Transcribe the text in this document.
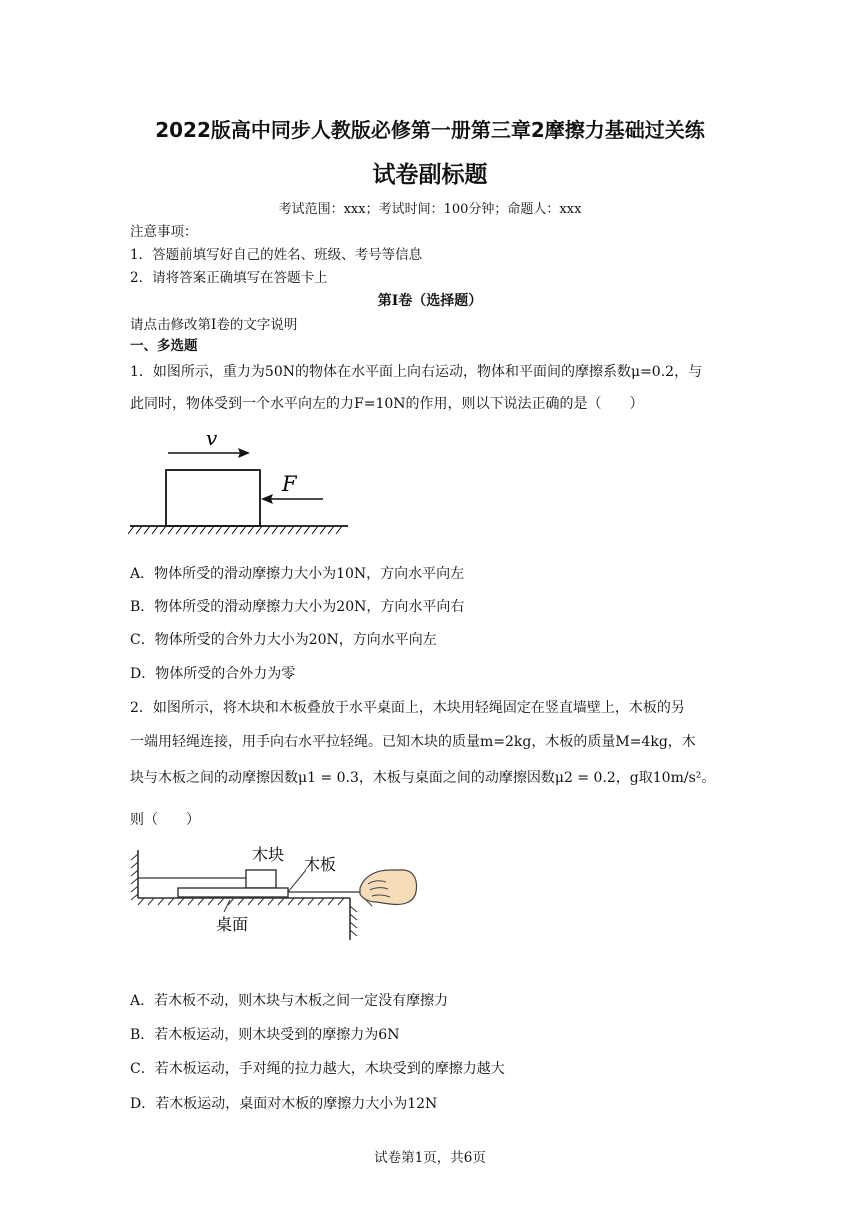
2022版高中同步人教版必修第一册第三章2摩擦力基础过关练
试卷副标题
考试范围：xxx；考试时间：100分钟；命题人：xxx
注意事项：
1．答题前填写好自己的姓名、班级、考号等信息
2．请将答案正确填写在答题卡上
第I卷（选择题）
请点击修改第I卷的文字说明
一、多选题
1．如图所示，重力为50N的物体在水平面上向右运动，物体和平面间的摩擦系数μ=0.2，与
此同时，物体受到一个水平向左的力F=10N的作用，则以下说法正确的是（　　）
v
F
A．物体所受的滑动摩擦力大小为10N，方向水平向左
B．物体所受的滑动摩擦力大小为20N，方向水平向右
C．物体所受的合外力大小为20N，方向水平向左
D．物体所受的合外力为零
2．如图所示，将木块和木板叠放于水平桌面上，木块用轻绳固定在竖直墙壁上，木板的另
一端用轻绳连接，用手向右水平拉轻绳。已知木块的质量m=2kg，木板的质量M=4kg，木
块与木板之间的动摩擦因数μ1 = 0.3，木板与桌面之间的动摩擦因数μ2 = 0.2，g取10m/s²。
则（　　）
木块
木板
桌面
A．若木板不动，则木块与木板之间一定没有摩擦力
B．若木板运动，则木块受到的摩擦力为6N
C．若木板运动，手对绳的拉力越大，木块受到的摩擦力越大
D．若木板运动，桌面对木板的摩擦力大小为12N
试卷第1页，共6页
